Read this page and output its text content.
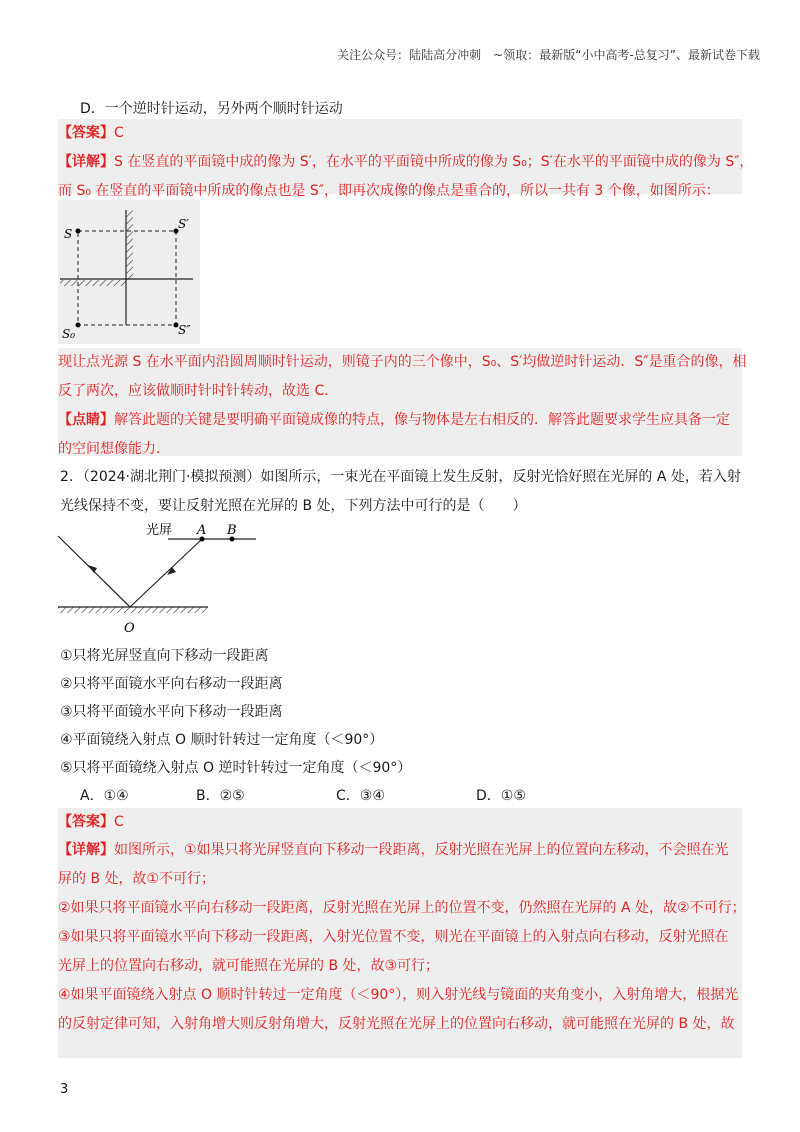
关注公众号：陆陆高分冲刺　~领取：最新版“小中高考-总复习”、最新试卷下载
D．一个逆时针运动，另外两个顺时针运动
【答案】C
【详解】S 在竖直的平面镜中成的像为 S′，在水平的平面镜中所成的像为 S₀；S′在水平的平面镜中成的像为 S″，
而 S₀ 在竖直的平面镜中所成的像点也是 S″，即再次成像的像点是重合的，所以一共有 3 个像，如图所示：
S
S′
S₀	S″
现让点光源 S 在水平面内沿圆周顺时针运动，则镜子内的三个像中，S₀、S′均做逆时针运动．S″是重合的像，相
反了两次，应该做顺时针时针转动，故选 C．
【点睛】解答此题的关键是要明确平面镜成像的特点，像与物体是左右相反的．解答此题要求学生应具备一定
的空间想像能力．
2．（2024·湖北荆门·模拟预测）如图所示，一束光在平面镜上发生反射，反射光恰好照在光屏的 A 处，若入射
光线保持不变，要让反射光照在光屏的 B 处，下列方法中可行的是（　　）
光屏 A
O
B
①只将光屏竖直向下移动一段距离
②只将平面镜水平向右移动一段距离
③只将平面镜水平向下移动一段距离
④平面镜绕入射点 O 顺时针转过一定角度（＜90°）
⑤只将平面镜绕入射点 O 逆时针转过一定角度（＜90°）
A．①④	B．②⑤	C．③④	D．①⑤
【答案】C
【详解】如图所示，①如果只将光屏竖直向下移动一段距离，反射光照在光屏上的位置向左移动，不会照在光
屏的 B 处，故①不可行；
②如果只将平面镜水平向右移动一段距离，反射光照在光屏上的位置不变，仍然照在光屏的 A 处，故②不可行；
③如果只将平面镜水平向下移动一段距离，入射光位置不变，则光在平面镜上的入射点向右移动，反射光照在
光屏上的位置向右移动，就可能照在光屏的 B 处，故③可行；
④如果平面镜绕入射点 O 顺时针转过一定角度（＜90°），则入射光线与镜面的夹角变小，入射角增大，根据光
的反射定律可知，入射角增大则反射角增大，反射光照在光屏上的位置向右移动，就可能照在光屏的 B 处，故
3
